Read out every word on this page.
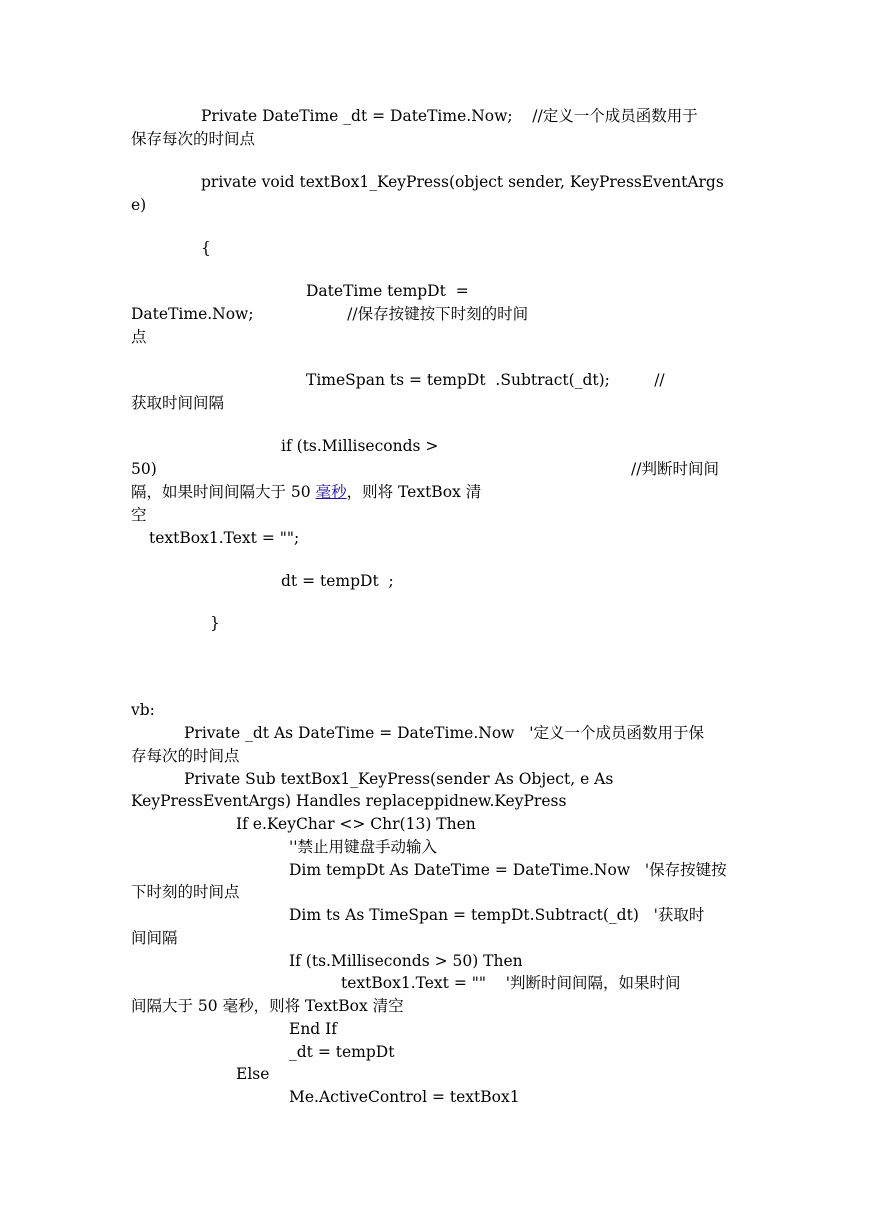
Private DateTime _dt = DateTime.Now;    //定义一个成员函数用于

保存每次的时间点

private void textBox1_KeyPress(object sender, KeyPressEventArgs

e)

{

DateTime tempDt  =

DateTime.Now;                   //保存按键按下时刻的时间

点

TimeSpan ts = tempDt  .Subtract(_dt);         //

获取时间间隔

if (ts.Milliseconds >

50)	//判断时间间

隔，如果时间间隔大于 50 毫秒，则将 TextBox 清

空

textBox1.Text = "";

dt = tempDt  ;

}

vb:

Private _dt As DateTime = DateTime.Now   '定义一个成员函数用于保

存每次的时间点

Private Sub textBox1_KeyPress(sender As Object, e As

KeyPressEventArgs) Handles replaceppidnew.KeyPress

If e.KeyChar <> Chr(13) Then

''禁止用键盘手动输入

Dim tempDt As DateTime = DateTime.Now   '保存按键按

下时刻的时间点

Dim ts As TimeSpan = tempDt.Subtract(_dt)   '获取时

间间隔

If (ts.Milliseconds > 50) Then

textBox1.Text = ""    '判断时间间隔，如果时间

间隔大于 50 毫秒，则将 TextBox 清空

End If

_dt = tempDt

Else

Me.ActiveControl = textBox1
